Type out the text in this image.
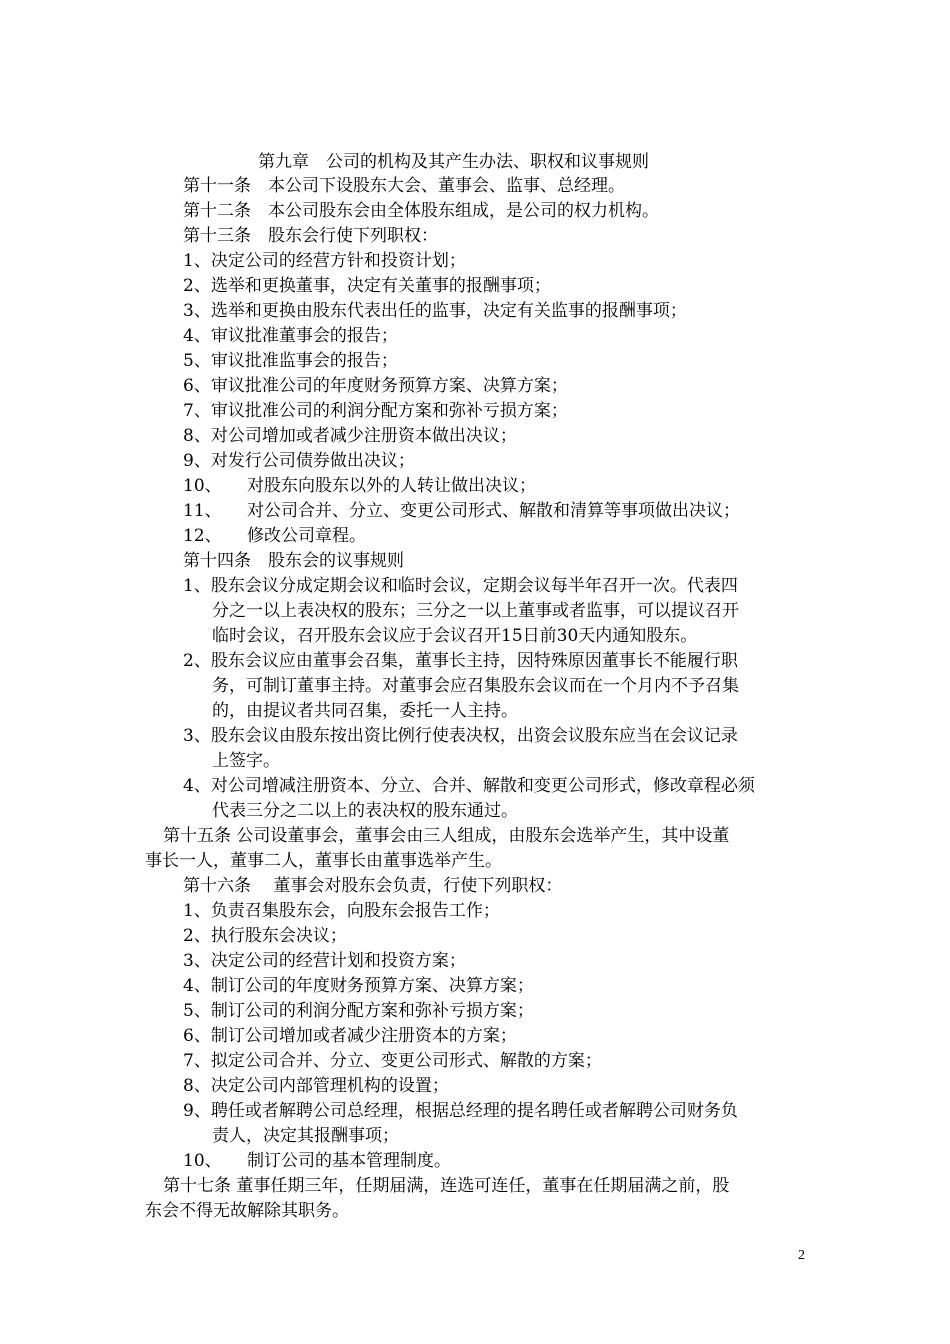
第九章　公司的机构及其产生办法、职权和议事规则
第十一条　本公司下设股东大会、董事会、监事、总经理。
第十二条　本公司股东会由全体股东组成，是公司的权力机构。
第十三条　股东会行使下列职权：
1、决定公司的经营方针和投资计划；
2、选举和更换董事，决定有关董事的报酬事项；
3、选举和更换由股东代表出任的监事，决定有关监事的报酬事项；
4、审议批准董事会的报告；
5、审议批准监事会的报告；
6、审议批准公司的年度财务预算方案、决算方案；
7、审议批准公司的利润分配方案和弥补亏损方案；
8、对公司增加或者减少注册资本做出决议；
9、对发行公司债券做出决议；
10、 对股东向股东以外的人转让做出决议；
11、 对公司合并、分立、变更公司形式、解散和清算等事项做出决议；
12、 修改公司章程。
第十四条　股东会的议事规则
1、股东会议分成定期会议和临时会议，定期会议每半年召开一次。代表四
分之一以上表决权的股东；三分之一以上董事或者监事，可以提议召开
临时会议，召开股东会议应于会议召开15日前30天内通知股东。
2、股东会议应由董事会召集，董事长主持，因特殊原因董事长不能履行职
务，可制订董事主持。对董事会应召集股东会议而在一个月内不予召集
的，由提议者共同召集，委托一人主持。
3、股东会议由股东按出资比例行使表决权，出资会议股东应当在会议记录
上签字。
4、对公司增减注册资本、分立、合并、解散和变更公司形式，修改章程必须
代表三分之二以上的表决权的股东通过。
第十五条 公司设董事会，董事会由三人组成，由股东会选举产生，其中设董
事长一人，董事二人，董事长由董事选举产生。
第十六条　 董事会对股东会负责，行使下列职权：
1、负责召集股东会，向股东会报告工作；
2、执行股东会决议；
3、决定公司的经营计划和投资方案；
4、制订公司的年度财务预算方案、决算方案；
5、制订公司的利润分配方案和弥补亏损方案；
6、制订公司增加或者减少注册资本的方案；
7、拟定公司合并、分立、变更公司形式、解散的方案；
8、决定公司内部管理机构的设置；
9、聘任或者解聘公司总经理，根据总经理的提名聘任或者解聘公司财务负
责人，决定其报酬事项；
10、 制订公司的基本管理制度。
第十七条 董事任期三年，任期届满，连选可连任，董事在任期届满之前，股
东会不得无故解除其职务。
2
